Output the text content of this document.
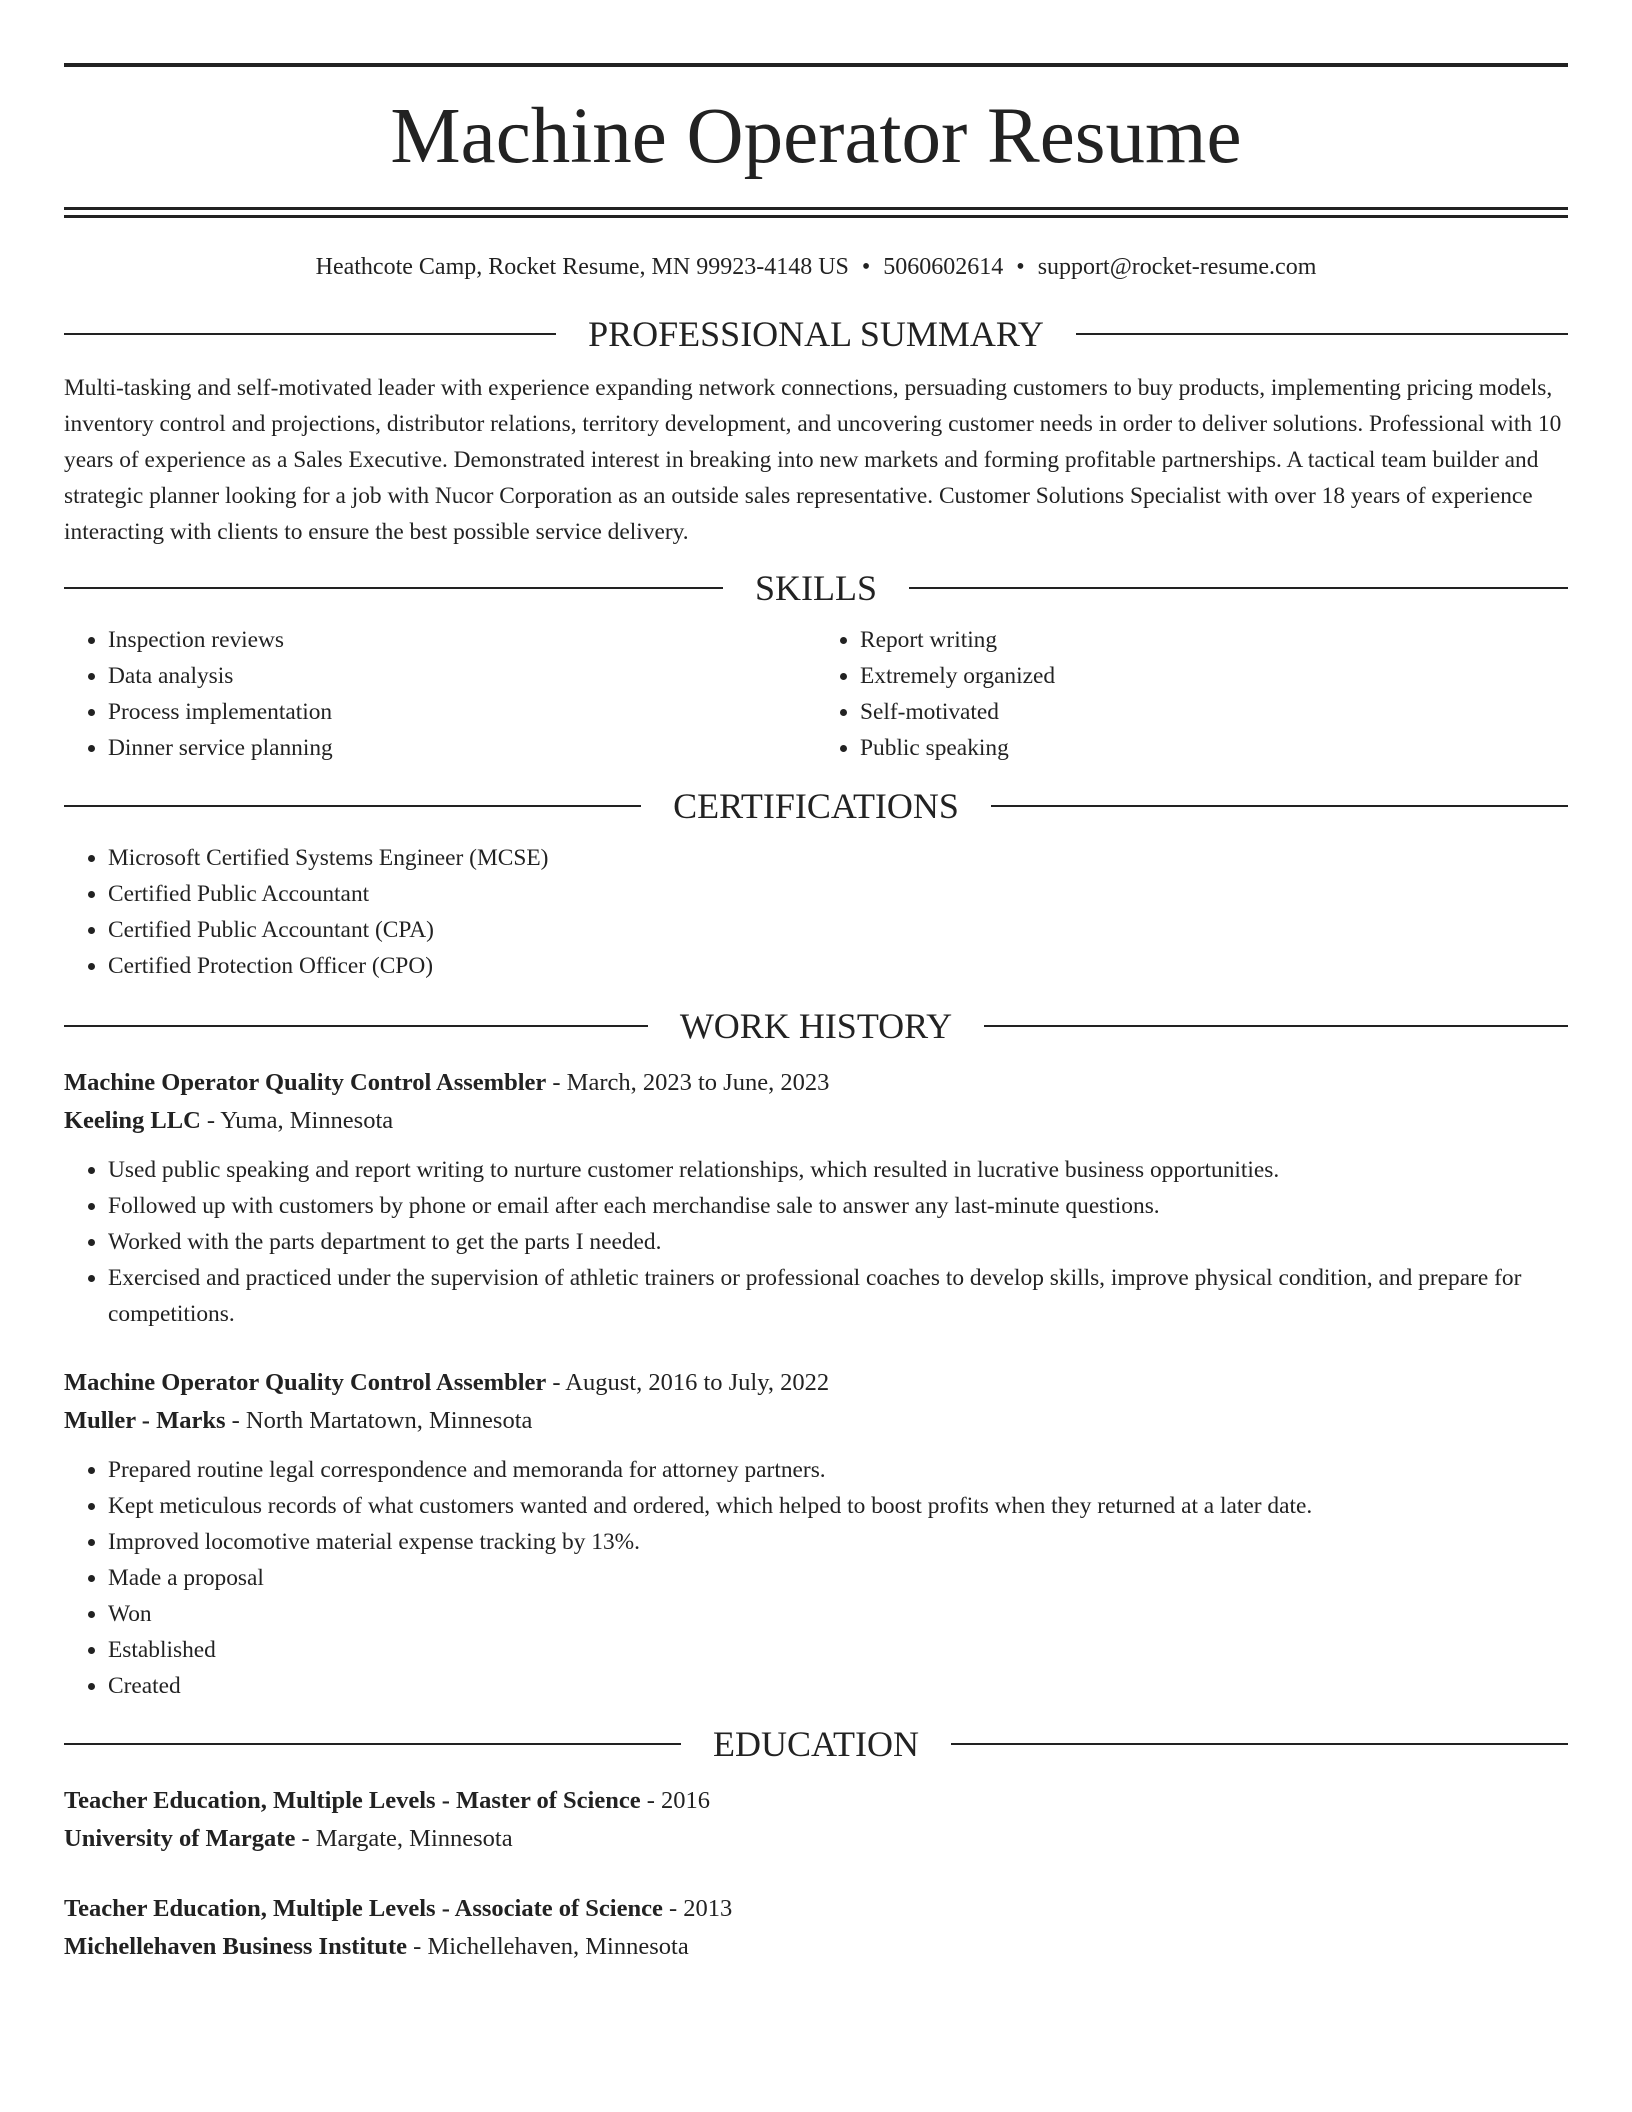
Machine Operator Resume
Heathcote Camp, Rocket Resume, MN 99923-4148 US • 5060602614 • support@rocket-resume.com
PROFESSIONAL SUMMARY

Multi-tasking and self-motivated leader with experience expanding network connections, persuading customers to buy products, implementing pricing models, inventory control and projections, distributor relations, territory development, and uncovering customer needs in order to deliver solutions. Professional with 10 years of experience as a Sales Executive. Demonstrated interest in breaking into new markets and forming profitable partnerships. A tactical team builder and strategic planner looking for a job with Nucor Corporation as an outside sales representative. Customer Solutions Specialist with over 18 years of experience interacting with clients to ensure the best possible service delivery.

SKILLS
• Inspection reviews
• Data analysis
• Process implementation
• Dinner service planning
• Report writing
• Extremely organized
• Self-motivated
• Public speaking
CERTIFICATIONS
• Microsoft Certified Systems Engineer (MCSE)
• Certified Public Accountant
• Certified Public Accountant (CPA)
• Certified Protection Officer (CPO)
WORK HISTORY
Machine Operator Quality Control Assembler - March, 2023 to June, 2023
Keeling LLC - Yuma, Minnesota
• Used public speaking and report writing to nurture customer relationships, which resulted in lucrative business opportunities.
• Followed up with customers by phone or email after each merchandise sale to answer any last-minute questions.
• Worked with the parts department to get the parts I needed.
• Exercised and practiced under the supervision of athletic trainers or professional coaches to develop skills, improve physical condition, and prepare for competitions.
Machine Operator Quality Control Assembler - August, 2016 to July, 2022
Muller - Marks - North Martatown, Minnesota
• Prepared routine legal correspondence and memoranda for attorney partners.
• Kept meticulous records of what customers wanted and ordered, which helped to boost profits when they returned at a later date.
• Improved locomotive material expense tracking by 13%.
• Made a proposal
• Won
• Established
• Created
EDUCATION
Teacher Education, Multiple Levels - Master of Science - 2016
University of Margate - Margate, Minnesota
Teacher Education, Multiple Levels - Associate of Science - 2013
Michellehaven Business Institute - Michellehaven, Minnesota
